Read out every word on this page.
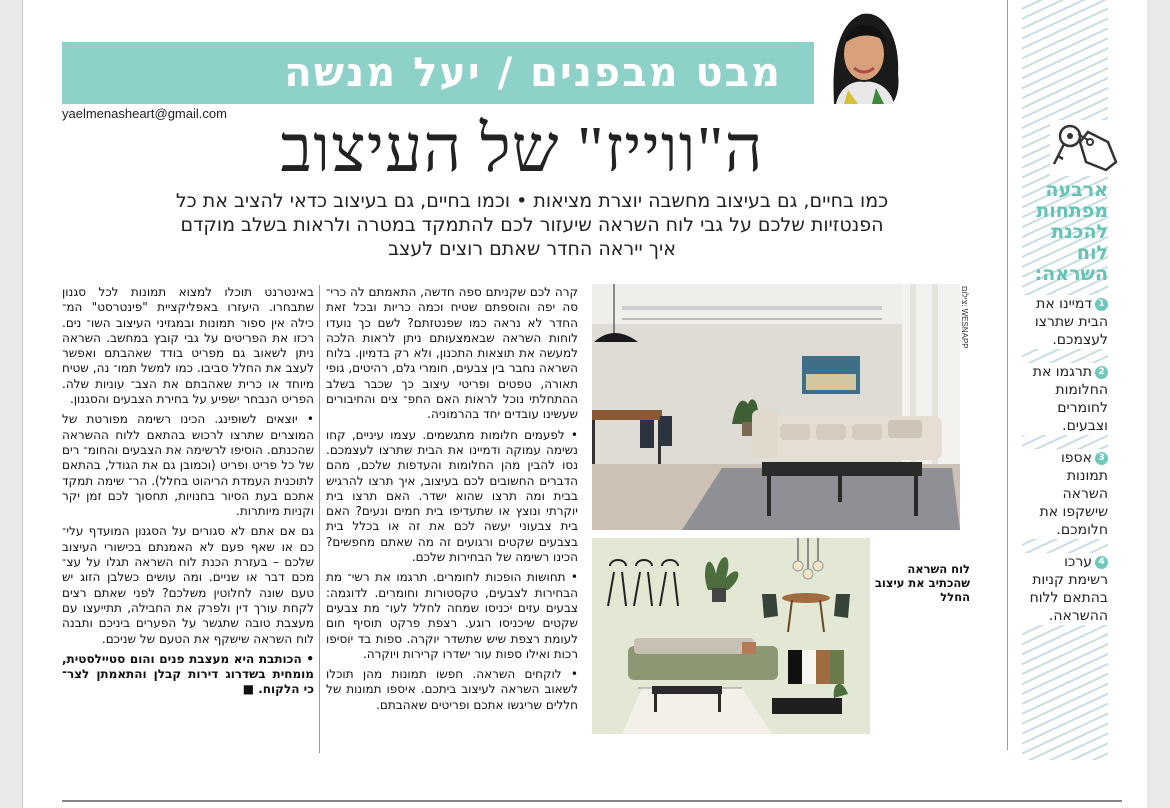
מבט מבפנים / יעל מנשה
yaelmenasheart@gmail.com ה"ווייז" של העיצוב
כמו בחיים, גם בעיצוב מחשבה יוצרת מציאות • וכמו בחיים, גם בעיצוב כדאי להציב את כל הפנטזיות שלכם על גבי לוח השראה שיעזור לכם להתמקד במטרה ולראות בשלב מוקדם איך ייראה החדר שאתם רוצים לעצב

באינטרנט תוכלו למצוא תמונות לכל סגנון שתבחרו. היעזרו באפליקציית "פינטרסט" המ־ כילה אין ספור תמונות ובמגזיני העיצוב השו־ נים. רכזו את הפריטים על גבי קובץ במחשב. השראה ניתן לשאוב גם מפריט בודד שאהבתם ואפשר לעצב את החלל סביבו. כמו למשל תמו־ נה, שטיח מיוחד או כרית שאהבתם את הצב־ עוניות שלה. הפריט הנבחר ישפיע על בחירת הצבעים והסגנון.

• יוצאים לשופינג. הכינו רשימה מפורטת של המוצרים שתרצו לרכוש בהתאם ללוח ההשראה שהכנתם. הוסיפו לרשימה את הצבעים והחומ־ רים של כל פריט ופריט (וכמובן גם את הגודל, בהתאם לתוכנית העמדת הריהוט בחלל). הר־ שימה תמקד אתכם בעת הסיור בחנויות, תחסוך לכם זמן יקר וקניות מיותרות.

גם אם אתם לא סגורים על הסגנון המועדף עלי־ כם או שאף פעם לא האמנתם בכישורי העיצוב שלכם – בעזרת הכנת לוח השראה תגלו על עצ־ מכם דבר או שניים. ומה עושים כשלבן הזוג יש טעם שונה לחלוטין משלכם? לפני שאתם רצים לקחת עורך דין ולפרק את החבילה, תתייעצו עם מעצבת טובה שתגשר על הפערים ביניכם ותבנה לוח השראה שישקף את הטעם של שניכם.

• הכותבת היא מעצבת פנים והום סטיילסטית, מומחית בשדרוג דירות קבלן והתאמתן לצר־ כי הלקוח. ■

קרה לכם שקניתם ספה חדשה, התאמתם לה כרי־ סה יפה והוספתם שטיח וכמה כריות ובכל זאת החדר לא נראה כמו שפנטזתם? לשם כך נועדו לוחות השראה שבאמצעותם ניתן לראות הלכה למעשה את תוצאות התכנון, ולא רק בדמיון. בלוח השראה נחבר בין צבעים, חומרי גלם, רהיטים, גופי תאורה, טפטים ופריטי עיצוב כך שכבר בשלב ההתחלתי נוכל לראות האם החפ־ צים והחיבורים שעשינו עובדים יחד בהרמוניה.

• לפעמים חלומות מתגשמים. עצמו עיניים, קחו נשימה עמוקה ודמיינו את הבית שתרצו לעצמכם. נסו להבין מהן החלומות והעדפות שלכם, מהם הדברים החשובים לכם בעיצוב, איך תרצו להרגיש בבית ומה תרצו שהוא ישדר. האם תרצו בית יוקרתי ונוצץ או שתעדיפו בית חמים ונעים? האם בית צבעוני יעשה לכם את זה או בכלל בית בצבעים שקטים ורגועים זה מה שאתם מחפשים? הכינו רשימה של הבחירות שלכם.

• תחושות הופכות לחומרים. תרגמו את רשי־ מת הבחירות לצבעים, טקסטורות וחומרים. לדוגמה: צבעים עזים יכניסו שמחה לחלל לעו־ מת צבעים שקטים שיכניסו רוגע. רצפת פרקט תוסיף חום לעומת רצפת שיש שתשדר יוקרה. ספות בד יוסיפו רכות ואילו ספות עור ישדרו קרירות ויוקרה.

• לוקחים השראה. חפשו תמונות מהן תוכלו לשאוב השראה לעיצוב ביתכם. איספו תמונות של חללים שריגשו אתכם ופריטים שאהבתם.

צילום: WESNAPP
לוח השראה שהכתיב את עיצוב החלל
ארבעה מפתחות להכנת לוח השראה:
1דמיינו את הבית שתרצו לעצמכם.
2תרגמו את החלומות לחומרים וצבעים.
3אספו תמונות השראה שישקפו את חלומכם.
4ערכו רשימת קניות בהתאם ללוח ההשראה.
